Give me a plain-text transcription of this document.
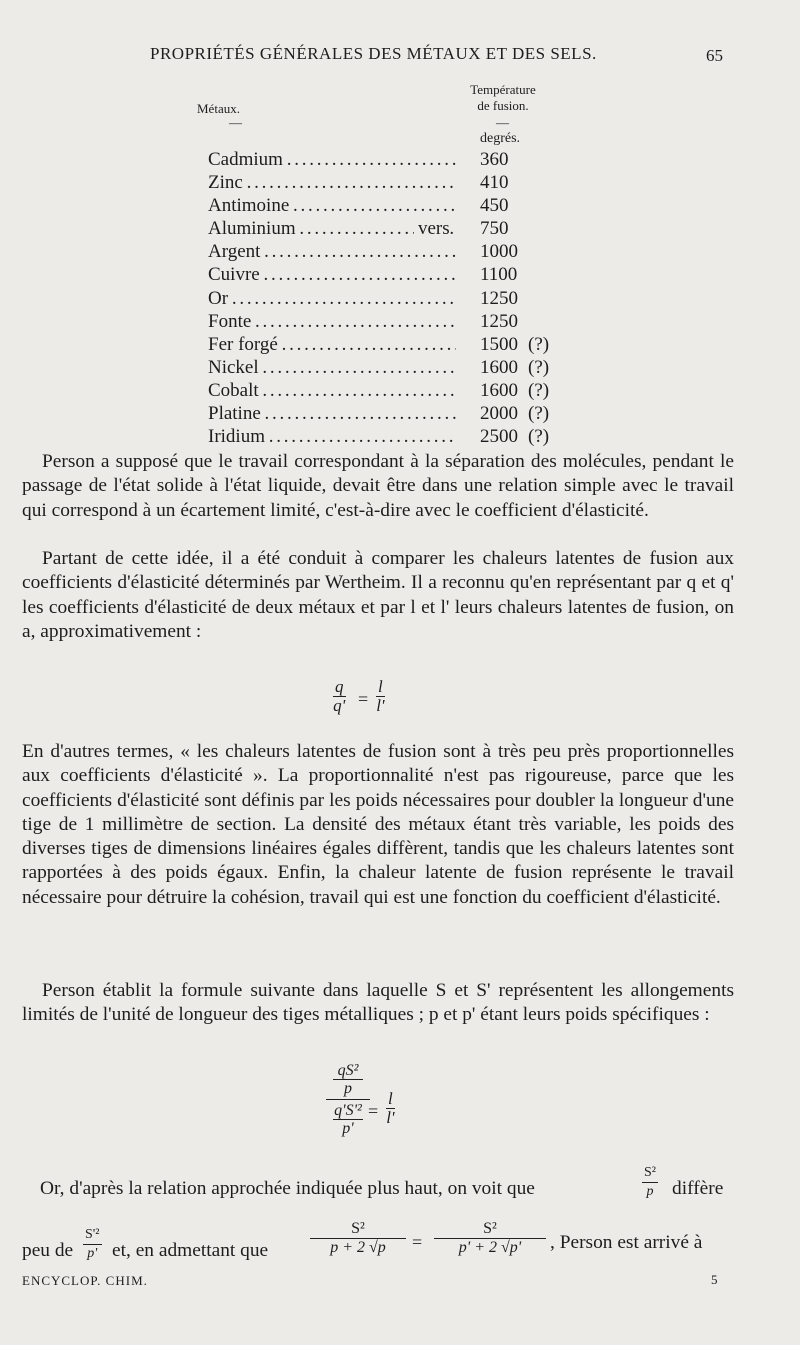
PROPRIÉTÉS GÉNÉRALES DES MÉTAUX ET DES SELS.	65
Métaux.
Température
de fusion.
—	—
degrés.
Cadmium . . .	360
Zinc . . .	410
Antimoine . . .	450
Aluminium . . .	vers 750
Argent . . .	1000
Cuivre . . .	1100
Or . . .	1250
Fonte . . .	1250
Fer forgé . . .	1500 (?)
Nickel . . .	1600 (?)
Cobalt . . .	1600 (?)
Platine . . .	2000 (?)
Iridium . . .	2500 (?)
Person a supposé que le travail correspondant à la séparation des molécules, pendant le passage de l'état solide à l'état liquide, devait être dans une relation simple avec le travail qui correspond à un écartement limité, c'est-à-dire avec le coefficient d'élasticité.
Partant de cette idée, il a été conduit à comparer les chaleurs latentes de fusion aux coefficients d'élasticité déterminés par Wertheim. Il a reconnu qu'en représentant par q et q' les coefficients d'élasticité de deux métaux et par l et l' leurs chaleurs latentes de fusion, on a, approximativement :
$\frac{q}{q'} = \frac{l}{l'}$
En d'autres termes, « les chaleurs latentes de fusion sont à très peu près proportionnelles aux coefficients d'élasticité ». La proportionnalité n'est pas rigoureuse, parce que les coefficients d'élasticité sont définis par les poids nécessaires pour doubler la longueur d'une tige de 1 millimètre de section. La densité des métaux étant très variable, les poids des diverses tiges de dimensions linéaires égales diffèrent, tandis que les chaleurs latentes sont rapportées à des poids égaux. Enfin, la chaleur latente de fusion représente le travail nécessaire pour détruire la cohésion, travail qui est une fonction du coefficient d'élasticité.
Person établit la formule suivante dans laquelle S et S' représentent les allongements limités de l'unité de longueur des tiges métalliques ; p et p' étant leurs poids spécifiques :
qS²
p
q'S'²
p'
= $\frac{l}{l'}$
Or, d'après la relation approchée indiquée plus haut, on voit que	$\frac{\text{S²}}{p}$ diffère
peu de $\frac{\text{S'²}}{p'}$ et, en admettant que	$\frac{\text{S²}}{p + 2 √p} = \frac{\text{S²}}{p' + 2 √p'}$ , Person est arrivé à
ENCYCLOP. CHIM.	5
